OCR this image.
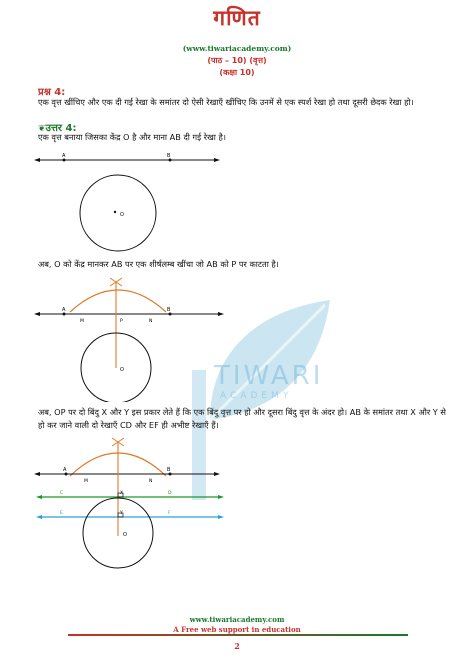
TIWARI
ACADEMY
गणित
(www.tiwariacademy.com)
(पाठ – 10) (वृत्त)
(कक्षा 10)
प्रश्न 4:
एक वृत्त खींचिए और एक दी गई रेखा के समांतर दो ऐसी रेखाएँ खींचिए कि उनमें से एक स्पर्श रेखा हो तथा दूसरी छेदक रेखा हो।
❦उत्तर 4:
एक वृत्त बनाया जिसका केंद्र O है और माना AB दी गई रेखा है।
A	B
O
अब, O को केंद्र मानकर AB पर एक शीर्षलम्ब खींचा जो AB को P पर काटता है।
A	B
M	N
P
O
अब, OP पर दो बिंदु X और Y इस प्रकार लेते हैं कि एक बिंदु वृत्त पर हो और दूसरा बिंदु वृत्त के अंदर हो। AB के समांतर तथा X और Y से हो कर जाने वाली दो रेखाएँ CD और EF ही अभीष्ट रेखाएँ हैं।
A	B
M	N
C	D
X
E	F
Y
O
www.tiwariacademy.com
A Free web support in education
2
